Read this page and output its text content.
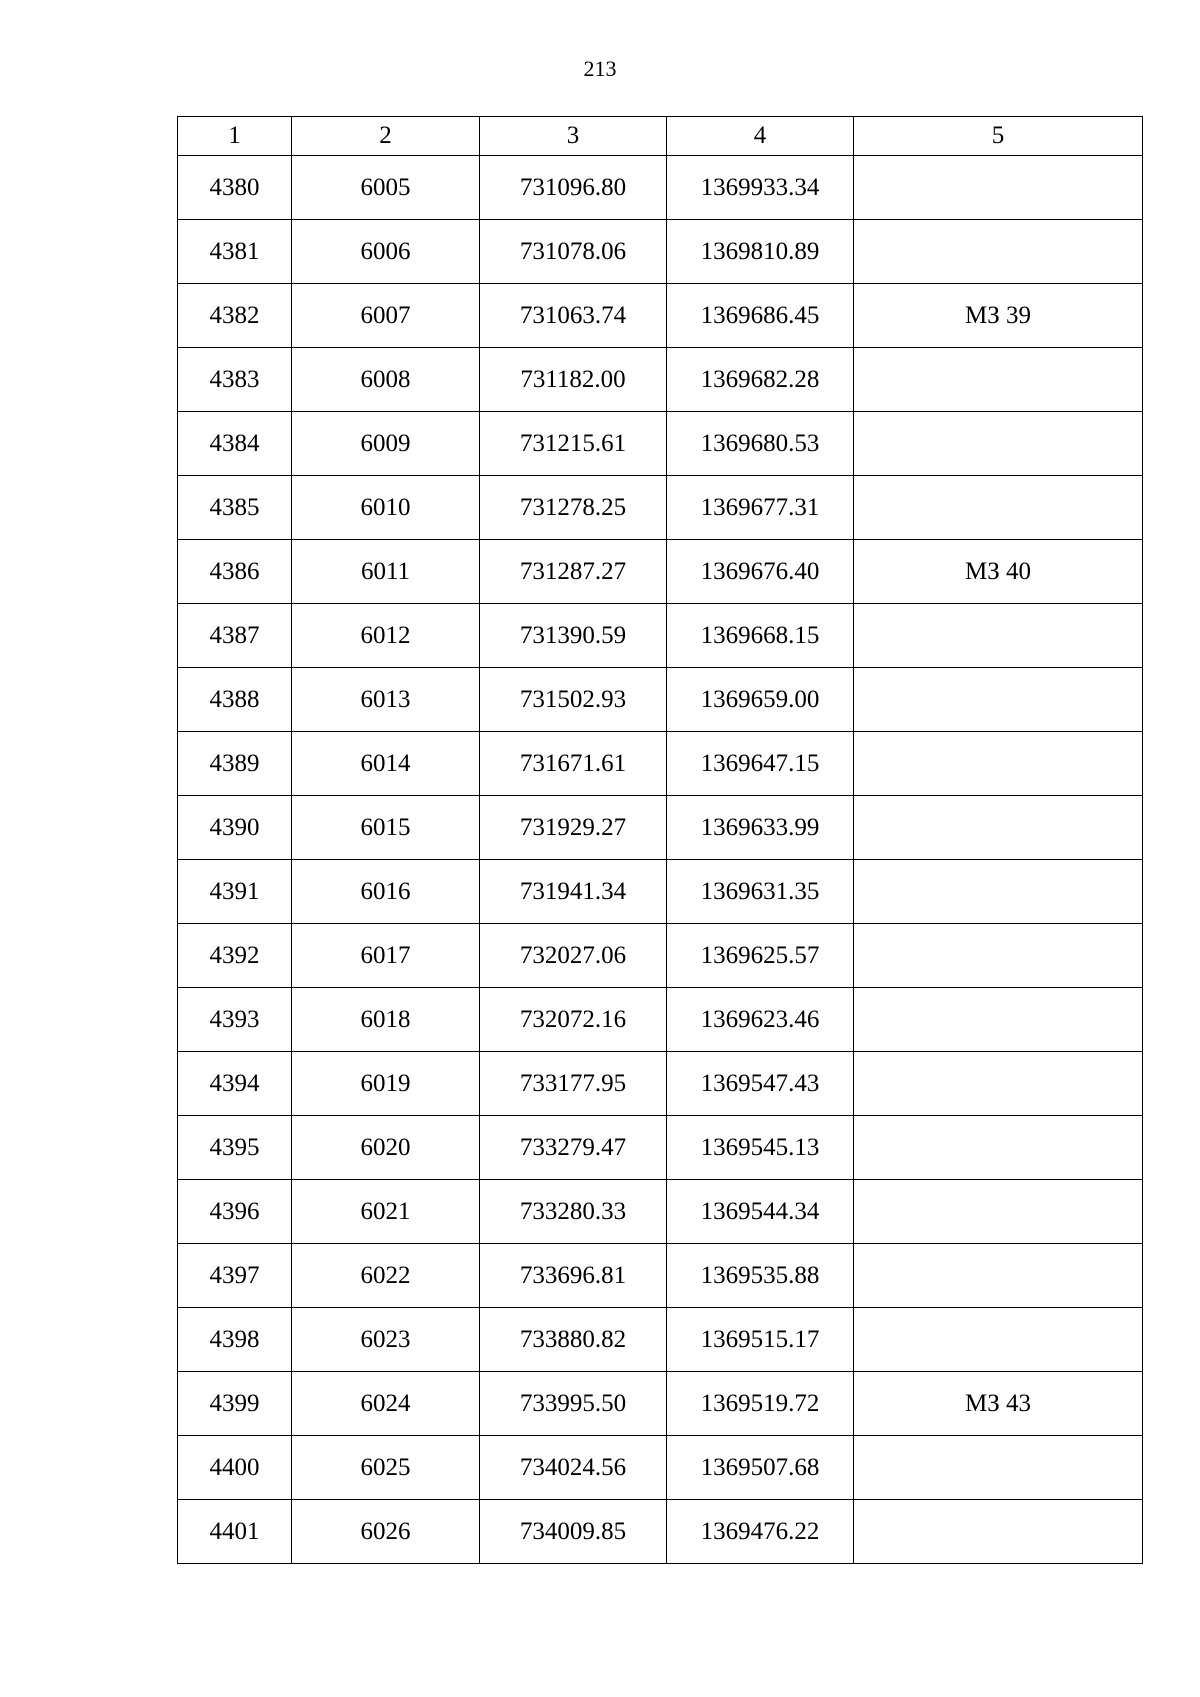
213
1	2	3	4	5
4380	6005	731096.80	1369933.34	
4381	6006	731078.06	1369810.89	
4382	6007	731063.74	1369686.45	МЗ 39
4383	6008	731182.00	1369682.28	
4384	6009	731215.61	1369680.53	
4385	6010	731278.25	1369677.31	
4386	6011	731287.27	1369676.40	МЗ 40
4387	6012	731390.59	1369668.15	
4388	6013	731502.93	1369659.00	
4389	6014	731671.61	1369647.15	
4390	6015	731929.27	1369633.99	
4391	6016	731941.34	1369631.35	
4392	6017	732027.06	1369625.57	
4393	6018	732072.16	1369623.46	
4394	6019	733177.95	1369547.43	
4395	6020	733279.47	1369545.13	
4396	6021	733280.33	1369544.34	
4397	6022	733696.81	1369535.88	
4398	6023	733880.82	1369515.17	
4399	6024	733995.50	1369519.72	МЗ 43
4400	6025	734024.56	1369507.68	
4401	6026	734009.85	1369476.22	
